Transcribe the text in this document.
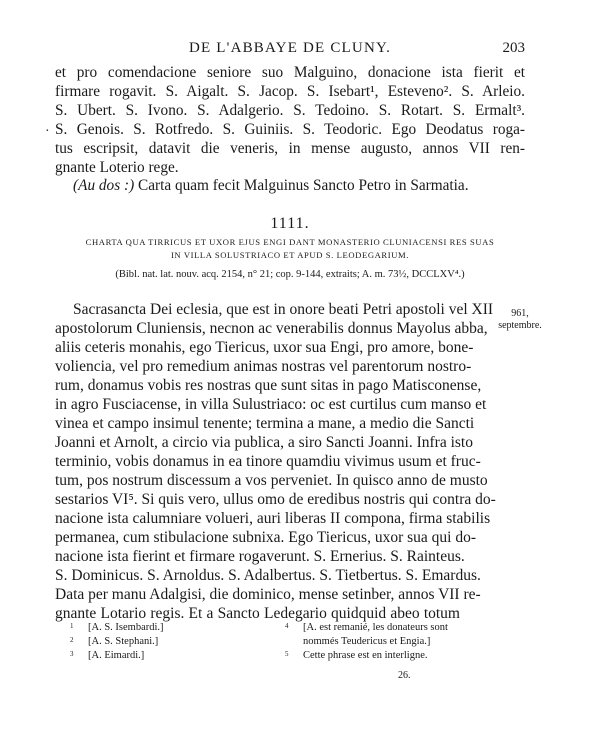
DE L'ABBAYE DE CLUNY.	203
·
et pro comendacione seniore suo Malguino, donacione ista fierit et
firmare rogavit. S. Aigalt. S. Jacop. S. Isebart¹, Esteveno². S. Arleio.
S. Ubert. S. Ivono. S. Adalgerio. S. Tedoino. S. Rotart. S. Ermalt³.
S. Genois. S. Rotfredo. S. Guiniis. S. Teodoric. Ego Deodatus roga-
tus escripsit, datavit die veneris, in mense augusto, annos VII ren-
gnante Loterio rege.
(Au dos :) Carta quam fecit Malguinus Sancto Petro in Sarmatia.
1111.
CHARTA QUA TIRRICUS ET UXOR EJUS ENGI DANT MONASTERIO CLUNIACENSI RES SUAS
IN VILLA SOLUSTRIACO ET APUD S. LEODEGARIUM.
(Bibl. nat. lat. nouv. acq. 2154, n° 21; cop. 9-144, extraits; A. m. 73½, DCCLXV⁴.)
961,
septembre.
Sacrasancta Dei eclesia, que est in onore beati Petri apostoli vel XII
apostolorum Cluniensis, necnon ac venerabilis donnus Mayolus abba,
aliis ceteris monahis, ego Tiericus, uxor sua Engi, pro amore, bone-
voliencia, vel pro remedium animas nostras vel parentorum nostro-
rum, donamus vobis res nostras que sunt sitas in pago Matisconense,
in agro Fusciacense, in villa Sulustriaco: oc est curtilus cum manso et
vinea et campo insimul tenente; termina a mane, a medio die Sancti
Joanni et Arnolt, a circio via publica, a siro Sancti Joanni. Infra isto
terminio, vobis donamus in ea tinore quamdiu vivimus usum et fruc-
tum, pos nostrum discessum a vos perveniet. In quisco anno de musto
sestarios VI⁵. Si quis vero, ullus omo de eredibus nostris qui contra do-
nacione ista calumniare volueri, auri liberas II compona, firma stabilis
permanea, cum stibulacione subnixa. Ego Tiericus, uxor sua qui do-
nacione ista fierint et firmare rogaverunt. S. Ernerius. S. Rainteus.
S. Dominicus. S. Arnoldus. S. Adalbertus. S. Tietbertus. S. Emardus.
Data per manu Adalgisi, die dominico, mense setinber, annos VII re-
gnante Lotario regis. Et a Sancto Ledegario quidquid abeo totum
$^1$ [A. S. Isembardi.]
$^2$ [A. S. Stephani.]
$^3$ [A. Eimardi.]
$^4$ [A. est remanié, les donateurs sont
nommés Teudericus et Engia.]
$^5$ Cette phrase est en interligne.
26.
